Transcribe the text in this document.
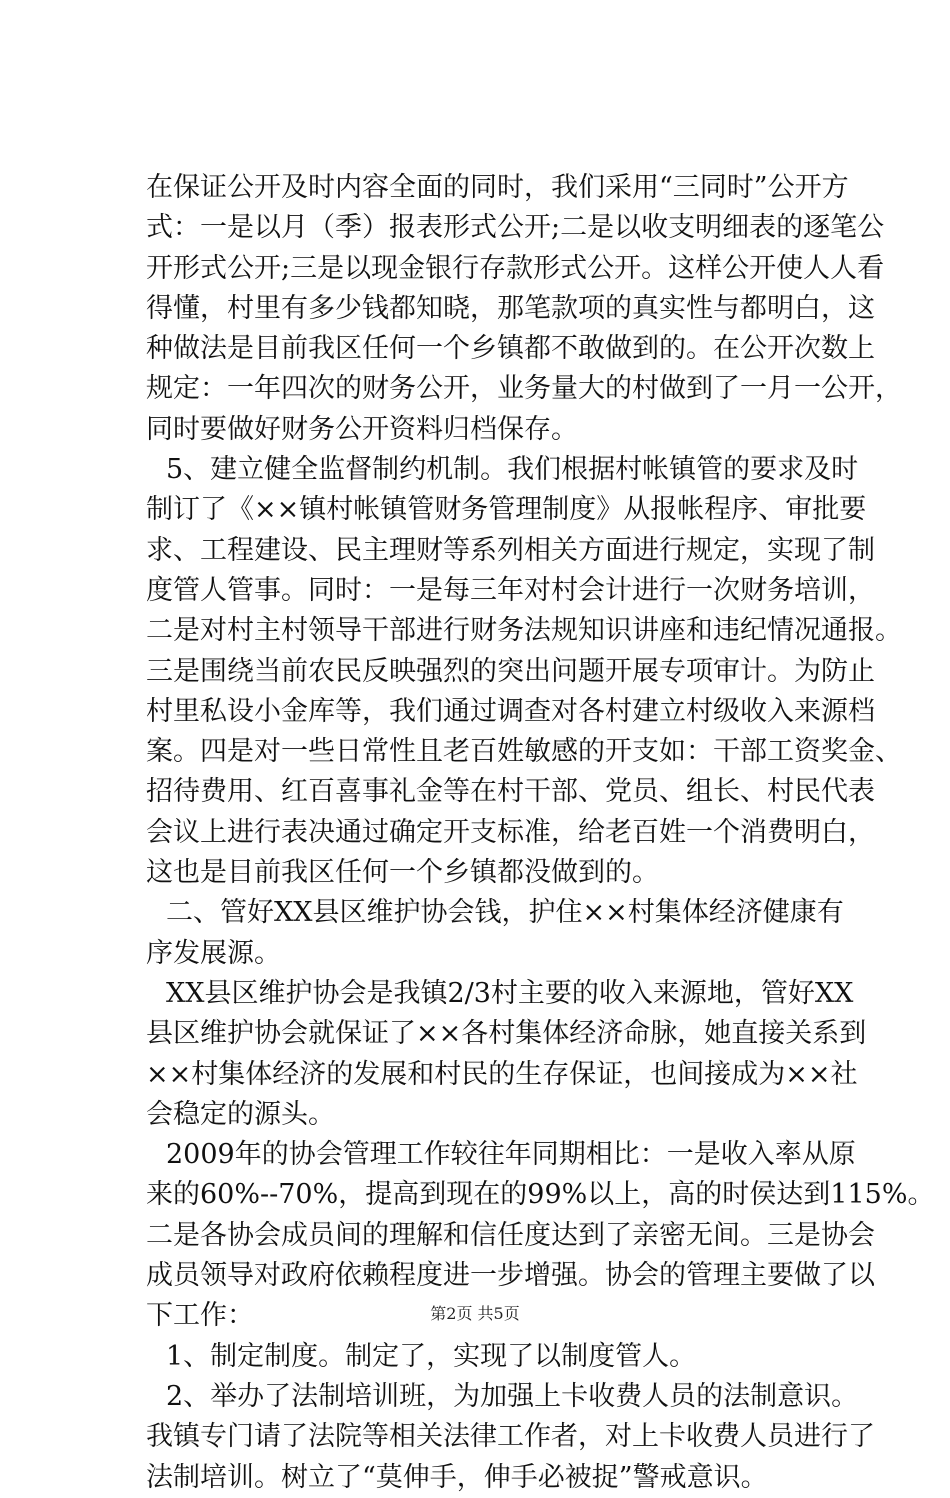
在保证公开及时内容全面的同时，我们采用“三同时”公开方
式：一是以月（季）报表形式公开;二是以收支明细表的逐笔公
开形式公开;三是以现金银行存款形式公开。这样公开使人人看
得懂，村里有多少钱都知晓，那笔款项的真实性与都明白，这
种做法是目前我区任何一个乡镇都不敢做到的。在公开次数上
规定：一年四次的财务公开，业务量大的村做到了一月一公开，
同时要做好财务公开资料归档保存。
5、建立健全监督制约机制。我们根据村帐镇管的要求及时
制订了《××镇村帐镇管财务管理制度》从报帐程序、审批要
求、工程建设、民主理财等系列相关方面进行规定，实现了制
度管人管事。同时：一是每三年对村会计进行一次财务培训，
二是对村主村领导干部进行财务法规知识讲座和违纪情况通报。
三是围绕当前农民反映强烈的突出问题开展专项审计。为防止
村里私设小金库等，我们通过调查对各村建立村级收入来源档
案。四是对一些日常性且老百姓敏感的开支如：干部工资奖金、
招待费用、红百喜事礼金等在村干部、党员、组长、村民代表
会议上进行表决通过确定开支标准，给老百姓一个消费明白，
这也是目前我区任何一个乡镇都没做到的。
二、管好XX县区维护协会钱，护住××村集体经济健康有
序发展源。
XX县区维护协会是我镇2/3村主要的收入来源地，管好XX
县区维护协会就保证了××各村集体经济命脉，她直接关系到
××村集体经济的发展和村民的生存保证，也间接成为××社
会稳定的源头。
2009年的协会管理工作较往年同期相比：一是收入率从原
来的60%--70%，提高到现在的99%以上，高的时侯达到115%。
二是各协会成员间的理解和信任度达到了亲密无间。三是协会
成员领导对政府依赖程度进一步增强。协会的管理主要做了以
下工作：
1、制定制度。制定了，实现了以制度管人。
2、举办了法制培训班，为加强上卡收费人员的法制意识。
我镇专门请了法院等相关法律工作者，对上卡收费人员进行了
法制培训。树立了“莫伸手，伸手必被捉”警戒意识。
第2页 共5页
